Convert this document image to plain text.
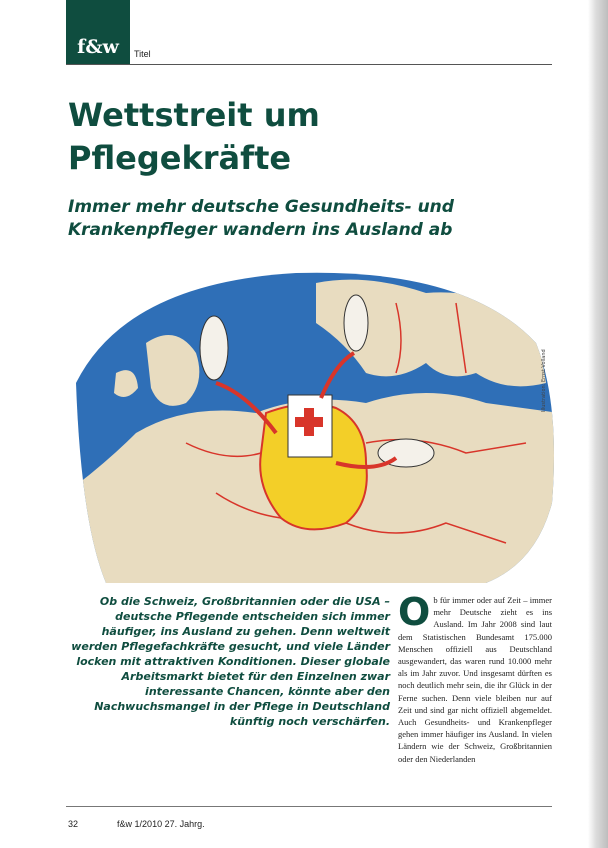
f&w Titel
Wettstreit um
Pflegekräfte
Immer mehr deutsche Gesundheits- und
Krankenpfleger wandern ins Ausland ab
Illustration: Ernst Volland
Ob die Schweiz, Großbritannien oder die USA – deutsche Pflegende entscheiden sich immer häufiger, ins Ausland zu gehen. Denn weltweit werden Pflegefachkräfte gesucht, und viele Länder locken mit attraktiven Konditionen. Dieser globale Arbeitsmarkt bietet für den Einzelnen zwar interessante Chancen, könnte aber den Nachwuchsmangel in der Pflege in Deutschland künftig noch verschärfen.
Ob für immer oder auf Zeit – immer mehr Deutsche zieht es ins Ausland. Im Jahr 2008 sind laut dem Statistischen Bundesamt 175.000 Menschen offiziell aus Deutschland ausgewandert, das waren rund 10.000 mehr als im Jahr zuvor. Und insgesamt dürften es noch deutlich mehr sein, die ihr Glück in der Ferne suchen. Denn viele bleiben nur auf Zeit und sind gar nicht offiziell abgemeldet. Auch Gesundheits- und Krankenpfleger gehen immer häufiger ins Ausland. In vielen Ländern wie der Schweiz, Großbritannien oder den Niederlanden
32	f&w 1/2010 27. Jahrg.
